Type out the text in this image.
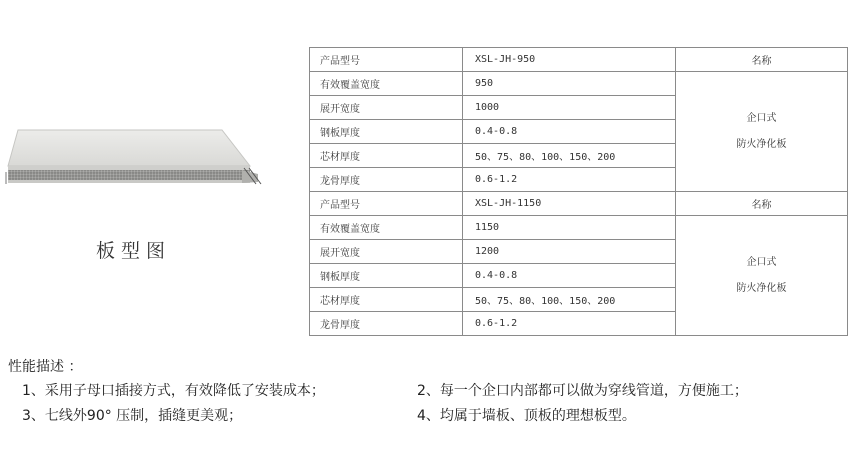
板型图
产品型号	XSL-JH-950	名称
有效覆盖宽度	950	企口式
防火净化板

展开宽度	1000	
钢板厚度	0.4-0.8	
芯材厚度	50、75、80、100、150、200	
龙骨厚度	0.6-1.2	
产品型号	XSL-JH-1150	名称
有效覆盖宽度	1150	企口式
防火净化板

展开宽度	1200	
钢板厚度	0.4-0.8	
芯材厚度	50、75、80、100、150、200	
龙骨厚度	0.6-1.2	
性能描述 ：
1、采用子母口插接方式，有效降低了安装成本；	2、每一个企口内部都可以做为穿线管道，方便施工；
3、七线外90° 压制，插缝更美观；	4、均属于墙板、顶板的理想板型。
